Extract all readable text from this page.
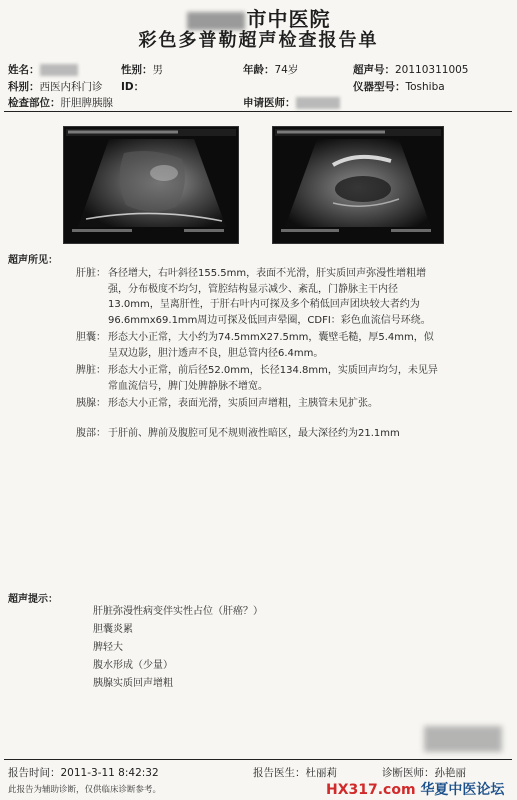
市中医院
彩色多普勒超声检查报告单
姓名：	性别：男	年龄：74岁	超声号：20110311005
科别：西医内科门诊 ID：	仪器型号：Toshiba
检查部位：肝胆脾胰腺	申请医师：
超声所见：
肝脏： 各径增大，右叶斜径155.5mm，表面不光滑，肝实质回声弥漫性增粗增强，分布极度不均匀，管腔结构显示减少、紊乱，门静脉主干内径13.0mm，呈离肝性，于肝右叶内可探及多个稍低回声团块较大者约为96.6mmx69.1mm周边可探及低回声晕圈，CDFI：彩色血流信号环绕。
胆囊： 形态大小正常，大小约为74.5mmX27.5mm，囊壁毛糙，厚5.4mm，似呈双边影，胆汁透声不良，胆总管内径6.4mm。
脾脏： 形态大小正常，前后径52.0mm，长径134.8mm，实质回声均匀，未见异常血流信号，脾门处脾静脉不增宽。
胰腺： 形态大小正常，表面光滑，实质回声增粗，主胰管未见扩张。
腹部： 于肝前、脾前及腹腔可见不规则液性暗区，最大深径约为21.1mm
超声提示：
肝脏弥漫性病变伴实性占位（肝癌？）
胆囊炎累
脾轻大
腹水形成（少量）
胰腺实质回声增粗
报告时间：2011-3-11 8:42:32	报告医生：杜丽莉	诊断医师：孙艳丽
此报告为辅助诊断，仅供临床诊断参考。	HX317.com 华夏中医论坛
